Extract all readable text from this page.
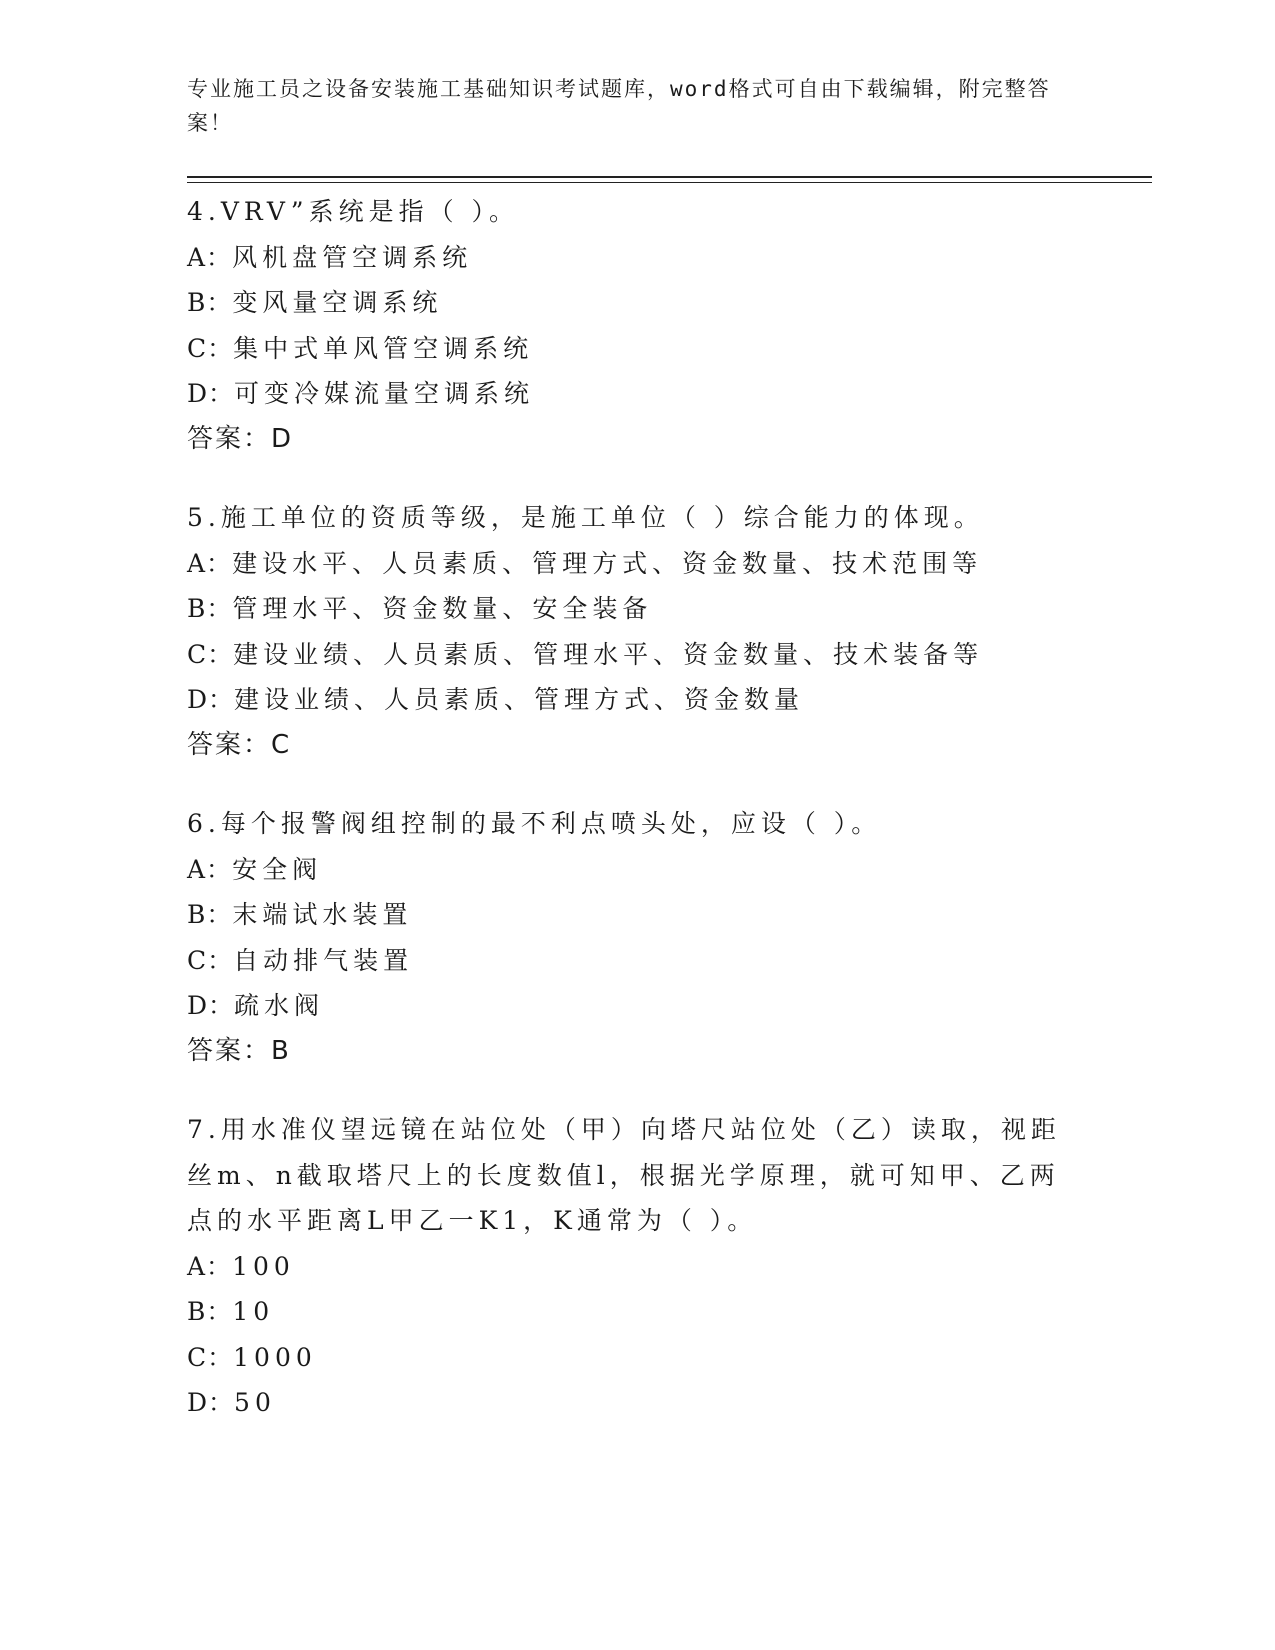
专业施工员之设备安装施工基础知识考试题库，word格式可自由下载编辑，附完整答案！
4.VRV”系统是指（ ）。
A：风机盘管空调系统
B：变风量空调系统
C：集中式单风管空调系统
D：可变冷媒流量空调系统
答案：D
5.施工单位的资质等级，是施工单位（ ）综合能力的体现。
A：建设水平、人员素质、管理方式、资金数量、技术范围等
B：管理水平、资金数量、安全装备
C：建设业绩、人员素质、管理水平、资金数量、技术装备等
D：建设业绩、人员素质、管理方式、资金数量
答案：C
6.每个报警阀组控制的最不利点喷头处，应设（ ）。
A：安全阀
B：末端试水装置
C：自动排气装置
D：疏水阀
答案：B
7.用水准仪望远镜在站位处（甲）向塔尺站位处（乙）读取，视距丝m、n截取塔尺上的长度数值l，根据光学原理，就可知甲、乙两点的水平距离L甲乙一K1，K通常为（ ）。
A：100
B：10
C：1000
D：50
